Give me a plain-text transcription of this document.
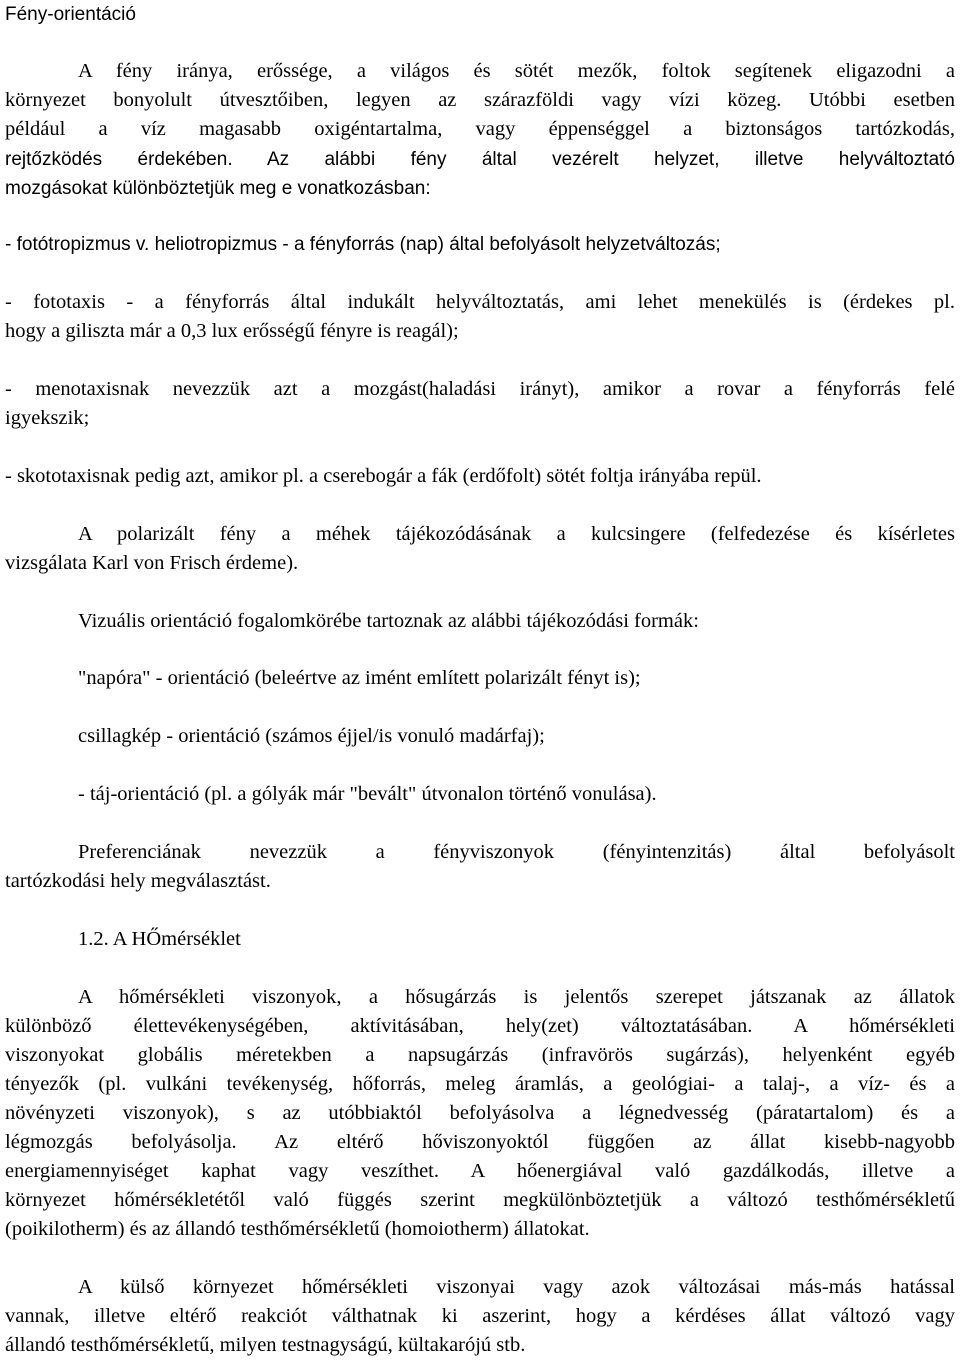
Fény-orientáció
A fény iránya, erőssége, a világos és sötét mezők, foltok segítenek eligazodni a
környezet bonyolult útvesztőiben, legyen az szárazföldi vagy vízi közeg. Utóbbi esetben
például a víz magasabb oxigéntartalma, vagy éppenséggel a biztonságos tartózkodás,
rejtőzködés érdekében. Az alábbi fény által vezérelt helyzet, illetve helyváltoztató
mozgásokat különböztetjük meg e vonatkozásban:
- fotótropizmus v. heliotropizmus - a fényforrás (nap) által befolyásolt helyzetváltozás;
- fototaxis - a fényforrás által indukált helyváltoztatás, ami lehet menekülés is (érdekes pl.
hogy a giliszta már a 0,3 lux erősségű fényre is reagál);
- menotaxisnak nevezzük azt a mozgást(haladási irányt), amikor a rovar a fényforrás felé
igyekszik;
- skototaxisnak pedig azt, amikor pl. a cserebogár a fák (erdőfolt) sötét foltja irányába repül.
A polarizált fény a méhek tájékozódásának a kulcsingere (felfedezése és kísérletes
vizsgálata Karl von Frisch érdeme).
Vizuális orientáció fogalomkörébe tartoznak az alábbi tájékozódási formák:
"napóra" - orientáció (beleértve az imént említett polarizált fényt is);
csillagkép - orientáció (számos éjjel/is vonuló madárfaj);
- táj-orientáció (pl. a gólyák már "bevált" útvonalon történő vonulása).
Preferenciának nevezzük a fényviszonyok (fényintenzitás) által befolyásolt
tartózkodási hely megválasztást.
1.2. A HŐmérséklet
A hőmérsékleti viszonyok, a hősugárzás is jelentős szerepet játszanak az állatok
különböző élettevékenységében, aktívitásában, hely(zet) változtatásában. A hőmérsékleti
viszonyokat globális méretekben a napsugárzás (infravörös sugárzás), helyenként egyéb
tényezők (pl. vulkáni tevékenység, hőforrás, meleg áramlás, a geológiai- a talaj-, a víz- és a
növényzeti viszonyok), s az utóbbiaktól befolyásolva a légnedvesség (páratartalom) és a
légmozgás befolyásolja. Az eltérő hőviszonyoktól függően az állat kisebb-nagyobb
energiamennyiséget kaphat vagy veszíthet. A hőenergiával való gazdálkodás, illetve a
környezet hőmérsékletétől való függés szerint megkülönböztetjük a változó testhőmérsékletű
(poikilotherm) és az állandó testhőmérsékletű (homoiotherm) állatokat.
A külső környezet hőmérsékleti viszonyai vagy azok változásai más-más hatással
vannak, illetve eltérő reakciót válthatnak ki aszerint, hogy a kérdéses állat változó vagy
állandó testhőmérsékletű, milyen testnagyságú, kültakarójú stb.
